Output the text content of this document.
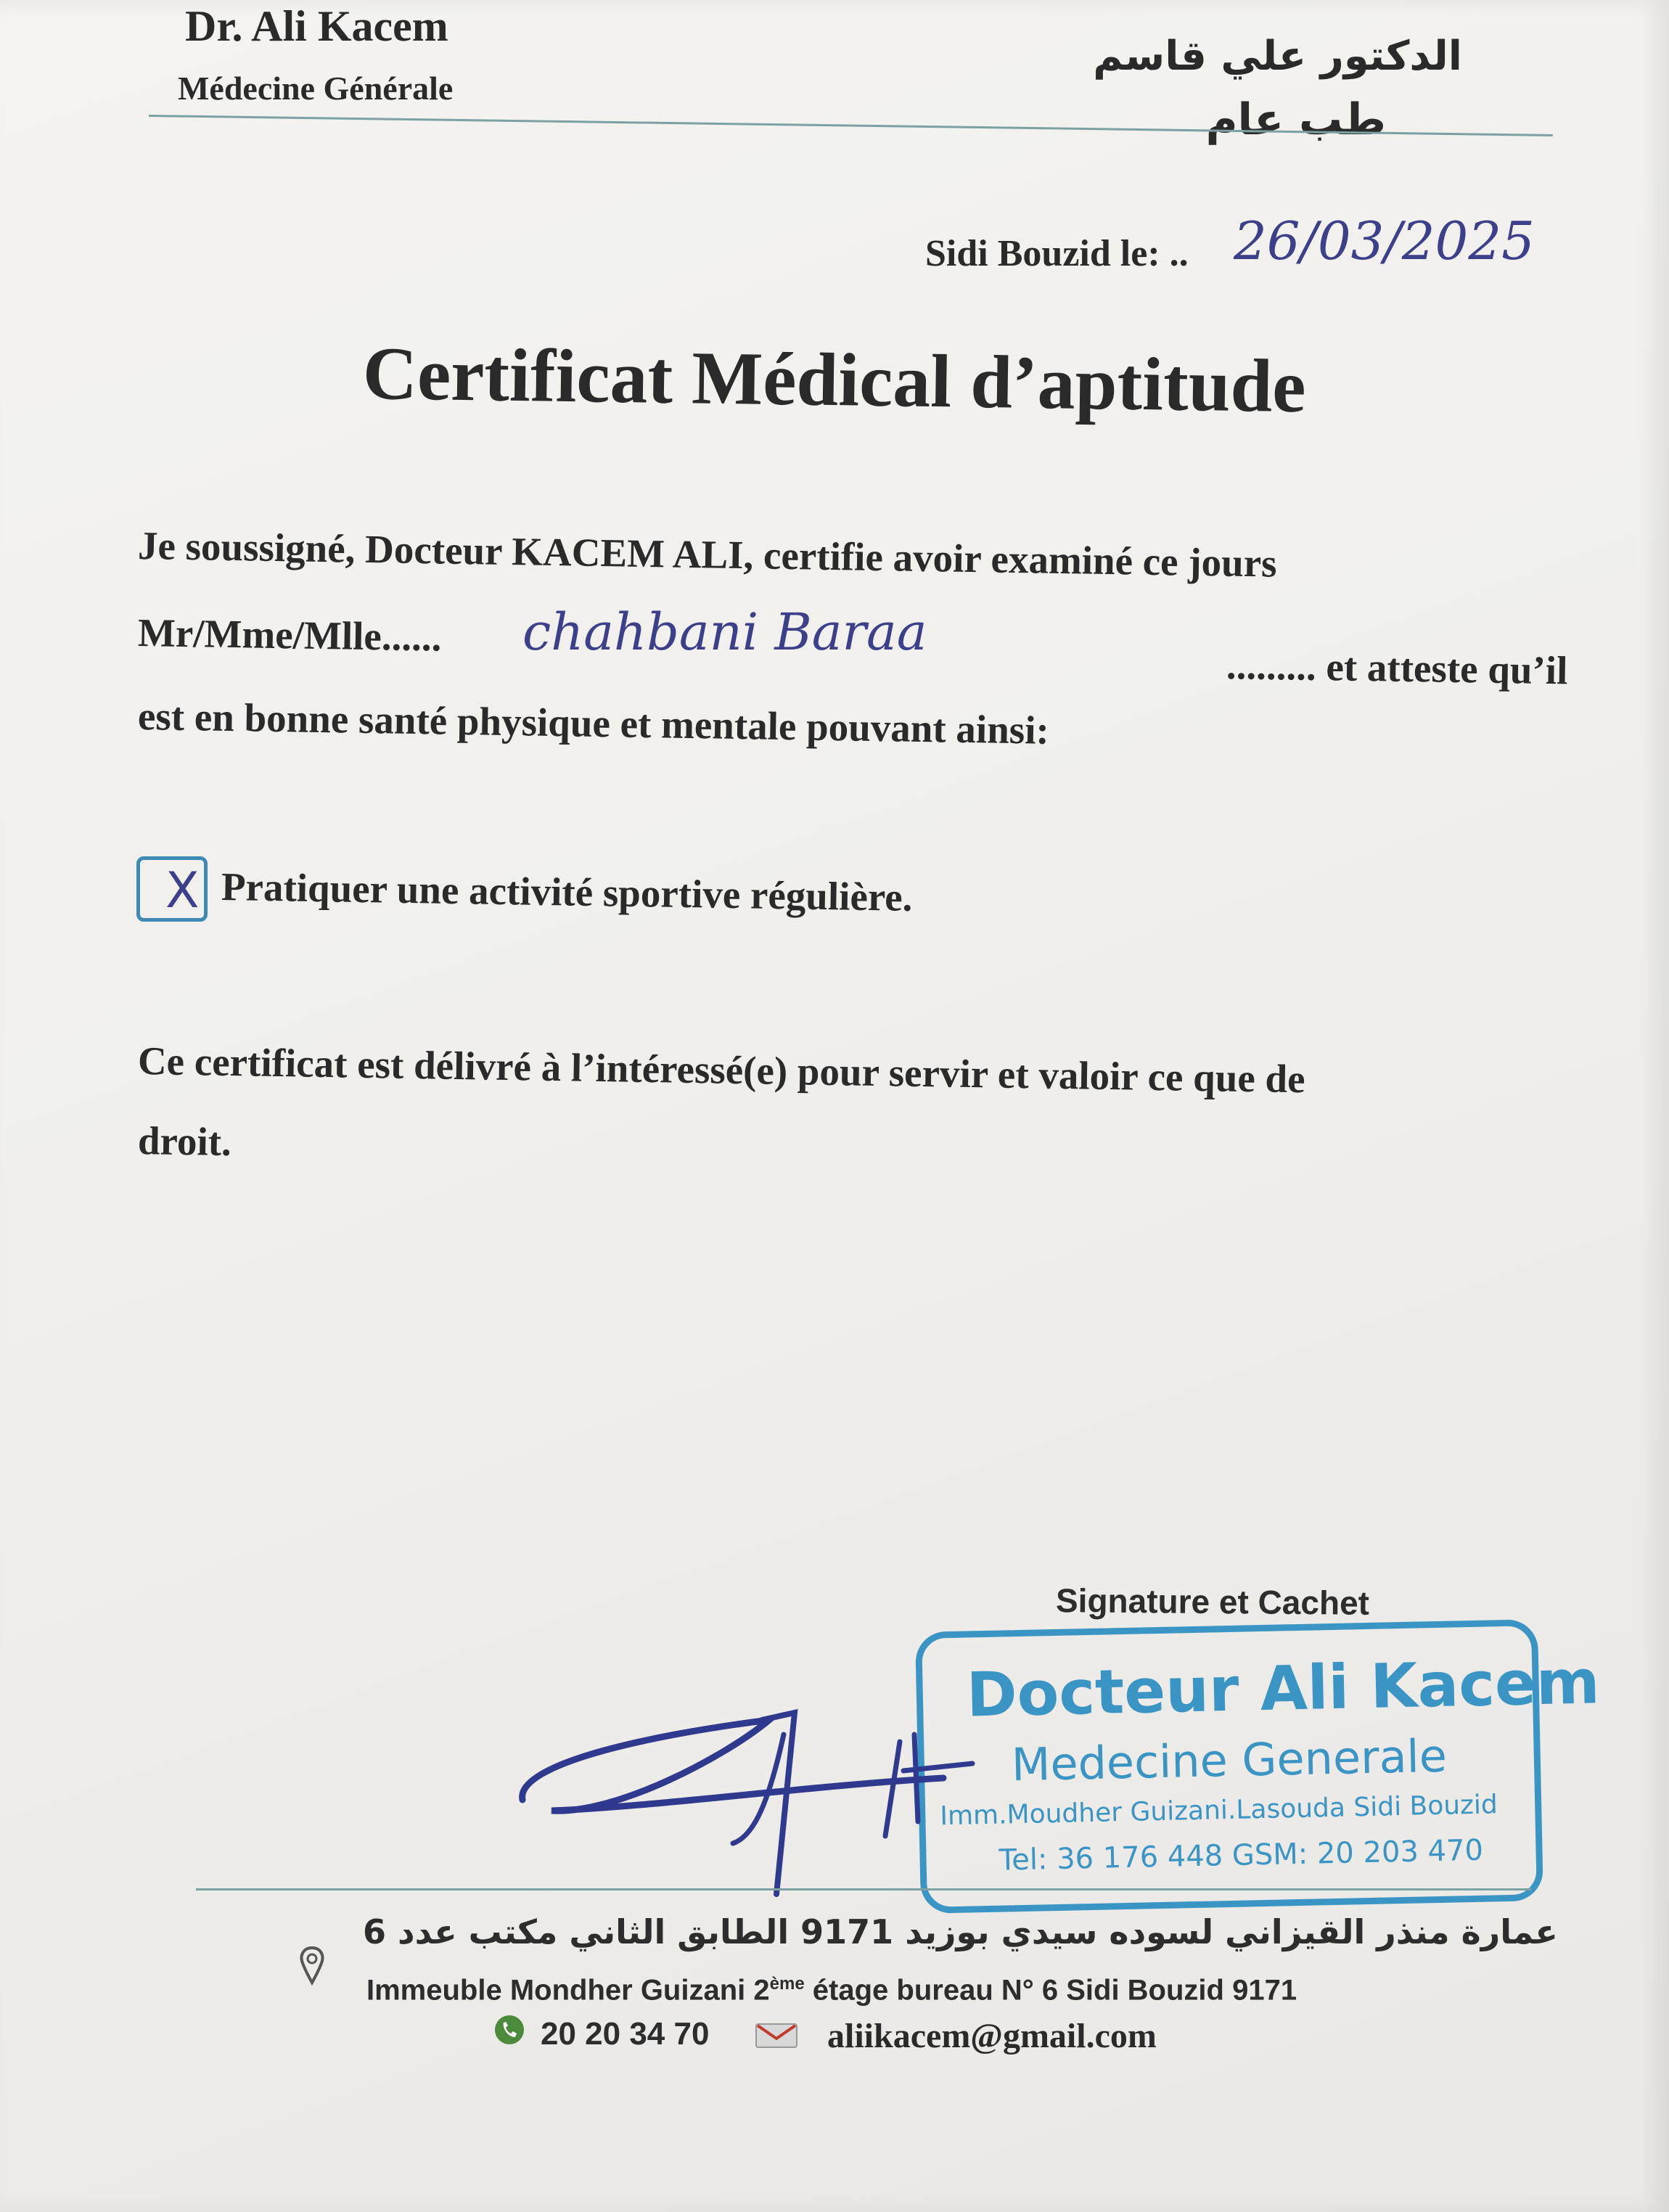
Dr. Ali Kacem
Médecine Générale
الدكتور علي قاسم
طب عام
Sidi Bouzid le: .. 26/03/2025
Certificat Médical d’aptitude
Je soussigné, Docteur KACEM ALI, certifie avoir examiné ce jours
Mr/Mme/Mlle...... chahbani Baraa
......... et atteste qu’il
est en bonne santé physique et mentale pouvant ainsi:
X Pratiquer une activité sportive régulière.
Ce certificat est délivré à l’intéressé(e) pour servir et valoir ce que de
droit.
Signature et Cachet
Docteur Ali Kacem
Medecine Generale
Imm.Moudher Guizani.Lasouda Sidi Bouzid
Tel: 36 176 448 GSM: 20 203 470
عمارة منذر القيزاني لسوده سيدي بوزيد 9171 الطابق الثاني مكتب عدد 6
Immeuble Mondher Guizani 2ème étage bureau N° 6 Sidi Bouzid 9171
20 20 34 70	aliikacem@gmail.com
